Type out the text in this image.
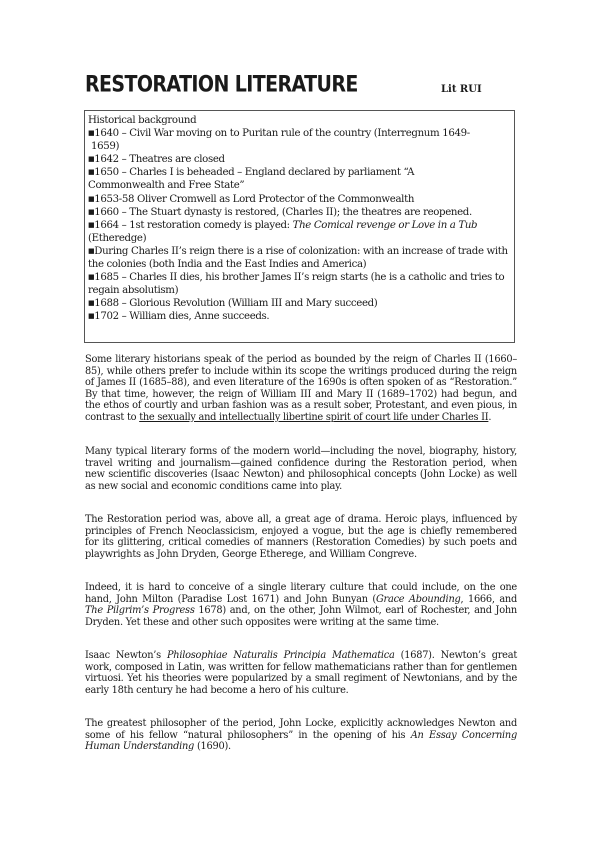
RESTORATION LITERATURE	Lit RUI
Historical background
■1640 – Civil War moving on to Puritan rule of the country (Interregnum 1649-
1659)
■1642 – Theatres are closed
■1650 – Charles I is beheaded – England declared by parliament “A
Commonwealth and Free State”
■1653-58 Oliver Cromwell as Lord Protector of the Commonwealth
■1660 – The Stuart dynasty is restored, (Charles II); the theatres are reopened.
■1664 – 1st restoration comedy is played: The Comical revenge or Love in a Tub
(Etheredge)
■During Charles II’s reign there is a rise of colonization: with an increase of trade with the colonies (both India and the East Indies and America)
■1685 – Charles II dies, his brother James II’s reign starts (he is a catholic and tries to regain absolutism)
■1688 – Glorious Revolution (William III and Mary succeed)
■1702 – William dies, Anne succeeds.

Some literary historians speak of the period as bounded by the reign of Charles II (1660–85), while others prefer to include within its scope the writings produced during the reign of James II (1685–88), and even literature of the 1690s is often spoken of as “Restoration.” By that time, however, the reign of William III and Mary II (1689–1702) had begun, and the ethos of courtly and urban fashion was as a result sober, Protestant, and even pious, in contrast to the sexually and intellectually libertine spirit of court life under Charles II.

Many typical literary forms of the modern world—including the novel, biography, history, travel writing and journalism—gained confidence during the Restoration period, when new scientific discoveries (Isaac Newton) and philosophical concepts (John Locke) as well as new social and economic conditions came into play.

The Restoration period was, above all, a great age of drama. Heroic plays, influenced by principles of French Neoclassicism, enjoyed a vogue, but the age is chiefly remembered for its glittering, critical comedies of manners (Restoration Comedies) by such poets and playwrights as John Dryden, George Etherege, and William Congreve.

Indeed, it is hard to conceive of a single literary culture that could include, on the one hand, John Milton (Paradise Lost 1671) and John Bunyan (Grace Abounding, 1666, and The Pilgrim’s Progress 1678) and, on the other, John Wilmot, earl of Rochester, and John Dryden. Yet these and other such opposites were writing at the same time.

Isaac Newton’s Philosophiae Naturalis Principia Mathematica (1687). Newton’s great work, composed in Latin, was written for fellow mathematicians rather than for gentlemen virtuosi. Yet his theories were popularized by a small regiment of Newtonians, and by the early 18th century he had become a hero of his culture.

The greatest philosopher of the period, John Locke, explicitly acknowledges Newton and some of his fellow “natural philosophers” in the opening of his An Essay Concerning Human Understanding (1690).
